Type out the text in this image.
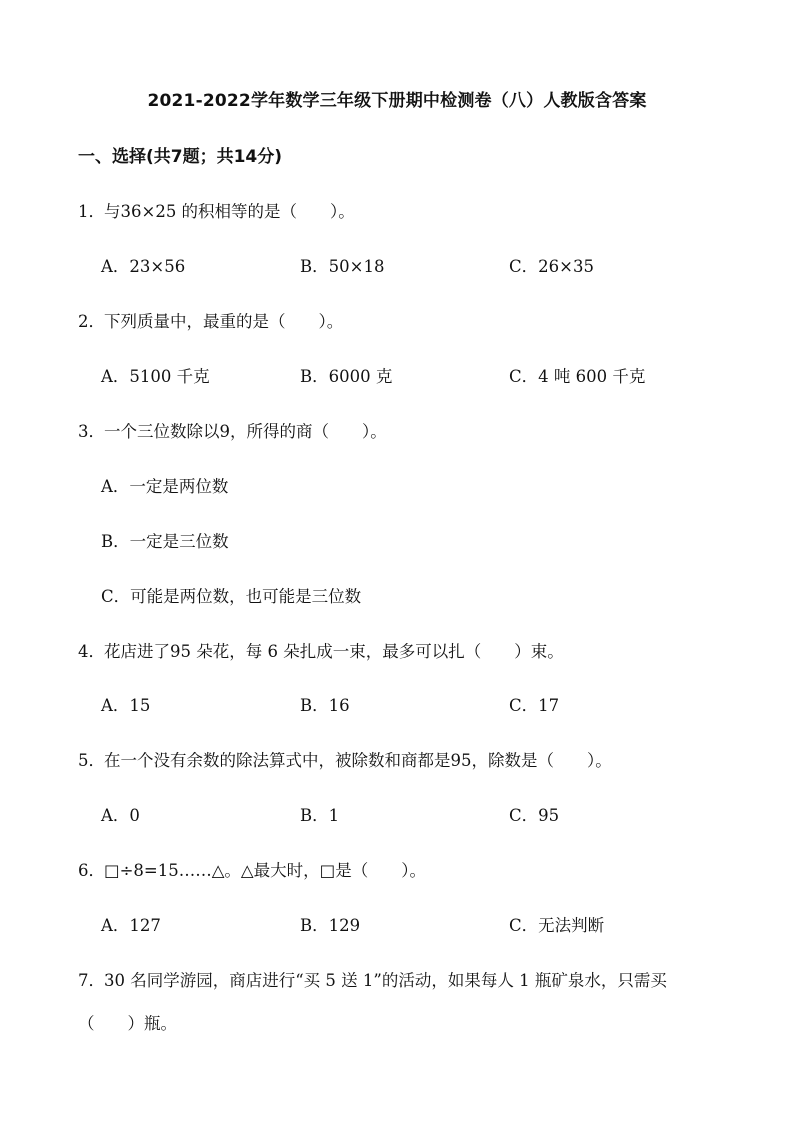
2021-2022学年数学三年级下册期中检测卷（八）人教版含答案
一、选择(共7题；共14分)
1．与36×25 的积相等的是（　　）。
A．23×56	B．50×18	C．26×35
2．下列质量中，最重的是（　　）。
A．5100 千克	B．6000 克	C．4 吨 600 千克
3．一个三位数除以9，所得的商（　　）。
A．一定是两位数
B．一定是三位数
C．可能是两位数，也可能是三位数
4．花店进了95 朵花，每 6 朵扎成一束，最多可以扎（　　）束。
A．15	B．16	C．17
5．在一个没有余数的除法算式中，被除数和商都是95，除数是（　　）。
A．0	B．1	C．95
6．□÷8=15……△。△最大时，□是（　　）。
A．127	B．129	C．无法判断
7．30 名同学游园，商店进行“买 5 送 1”的活动，如果每人 1 瓶矿泉水，只需买
（　　）瓶。
